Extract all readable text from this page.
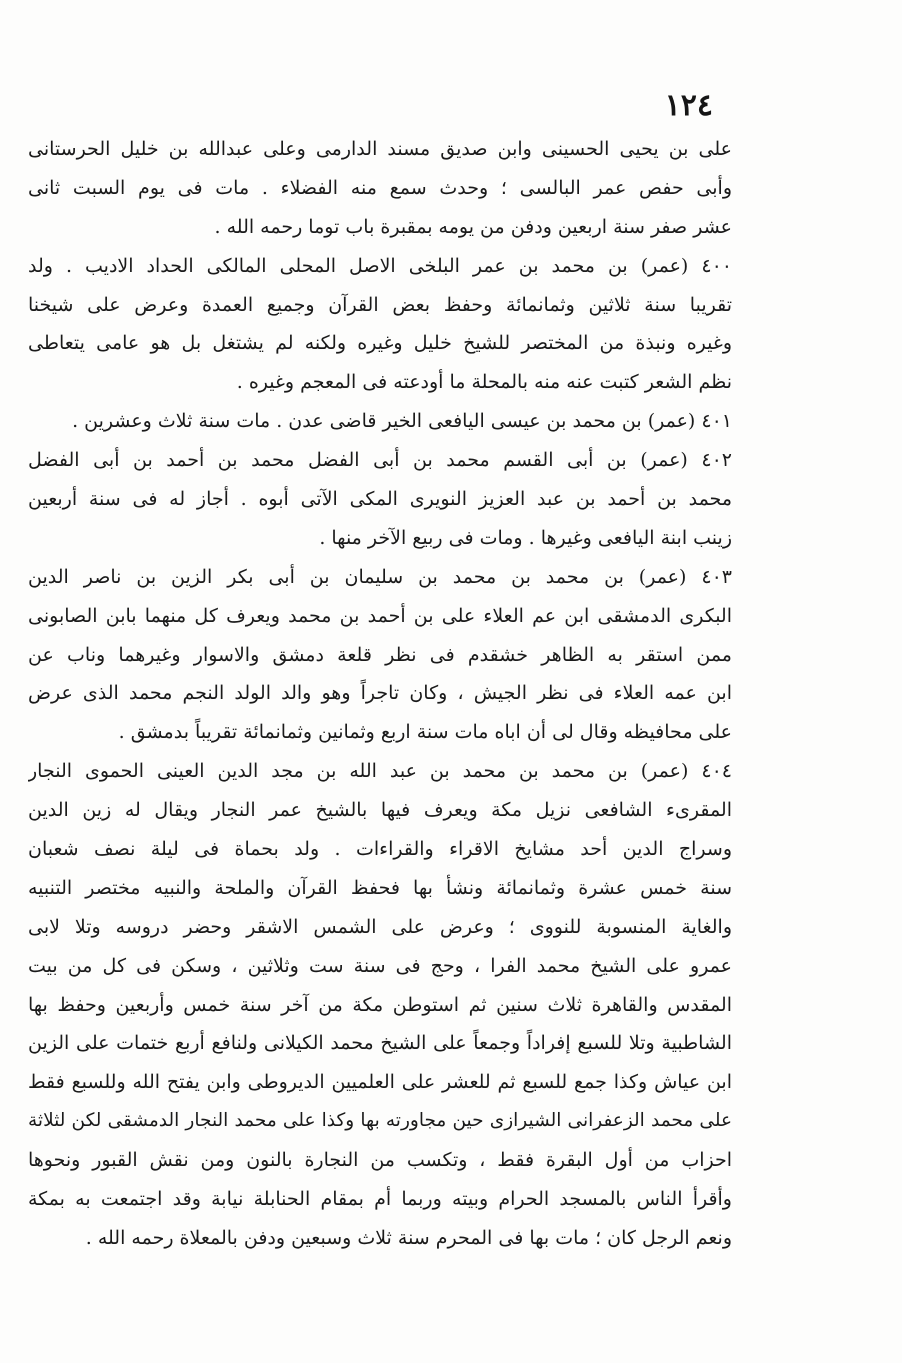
١٢٤
على بن يحيى الحسينى وابن صديق مسند الدارمى وعلى عبدالله بن خليل الحرستانى
وأبى حفص عمر البالسى ؛ وحدث سمع منه الفضلاء . مات فى يوم السبت ثانى
عشر صفر سنة اربعين ودفن من يومه بمقبرة باب توما رحمه الله .
٤٠٠ (عمر) بن محمد بن عمر البلخى الاصل المحلى المالكى الحداد الاديب . ولد
تقريبا سنة ثلاثين وثمانمائة وحفظ بعض القرآن وجميع العمدة وعرض على شيخنا
وغيره ونبذة من المختصر للشيخ خليل وغيره ولكنه لم يشتغل بل هو عامى يتعاطى
نظم الشعر كتبت عنه منه بالمحلة ما أودعته فى المعجم وغيره .
٤٠١ (عمر) بن محمد بن عيسى اليافعى الخير قاضى عدن . مات سنة ثلاث وعشرين .
٤٠٢ (عمر) بن أبى القسم محمد بن أبى الفضل محمد بن أحمد بن أبى الفضل
محمد بن أحمد بن عبد العزيز النويرى المكى الآتى أبوه . أجاز له فى سنة أربعين
زينب ابنة اليافعى وغيرها . ومات فى ربيع الآخر منها .
٤٠٣ (عمر) بن محمد بن محمد بن سليمان بن أبى بكر الزين بن ناصر الدين
البكرى الدمشقى ابن عم العلاء على بن أحمد بن محمد ويعرف كل منهما بابن الصابونى
ممن استقر به الظاهر خشقدم فى نظر قلعة دمشق والاسوار وغيرهما وناب عن
ابن عمه العلاء فى نظر الجيش ، وكان تاجراً وهو والد الولد النجم محمد الذى عرض
على محافيظه وقال لى أن اباه مات سنة اربع وثمانين وثمانمائة تقريباً بدمشق .
٤٠٤ (عمر) بن محمد بن محمد بن عبد الله بن مجد الدين العينى الحموى النجار
المقرىء الشافعى نزيل مكة ويعرف فيها بالشيخ عمر النجار ويقال له زين الدين
وسراج الدين أحد مشايخ الاقراء والقراءات . ولد بحماة فى ليلة نصف شعبان
سنة خمس عشرة وثمانمائة ونشأ بها فحفظ القرآن والملحة والنبيه مختصر التنبيه
والغاية المنسوبة للنووى ؛ وعرض على الشمس الاشقر وحضر دروسه وتلا لابى
عمرو على الشيخ محمد الفرا ، وحج فى سنة ست وثلاثين ، وسكن فى كل من بيت
المقدس والقاهرة ثلاث سنين ثم استوطن مكة من آخر سنة خمس وأربعين وحفظ بها
الشاطبية وتلا للسبع إفراداً وجمعاً على الشيخ محمد الكيلانى ولنافع أربع ختمات على الزين
ابن عياش وكذا جمع للسبع ثم للعشر على العلميين الديروطى وابن يفتح الله وللسبع فقط
على محمد الزعفرانى الشيرازى حين مجاورته بها وكذا على محمد النجار الدمشقى لكن لثلاثة
احزاب من أول البقرة فقط ، وتكسب من النجارة بالنون ومن نقش القبور ونحوها
وأقرأ الناس بالمسجد الحرام وبيته وربما أم بمقام الحنابلة نيابة وقد اجتمعت به بمكة
ونعم الرجل كان ؛ مات بها فى المحرم سنة ثلاث وسبعين ودفن بالمعلاة رحمه الله .
